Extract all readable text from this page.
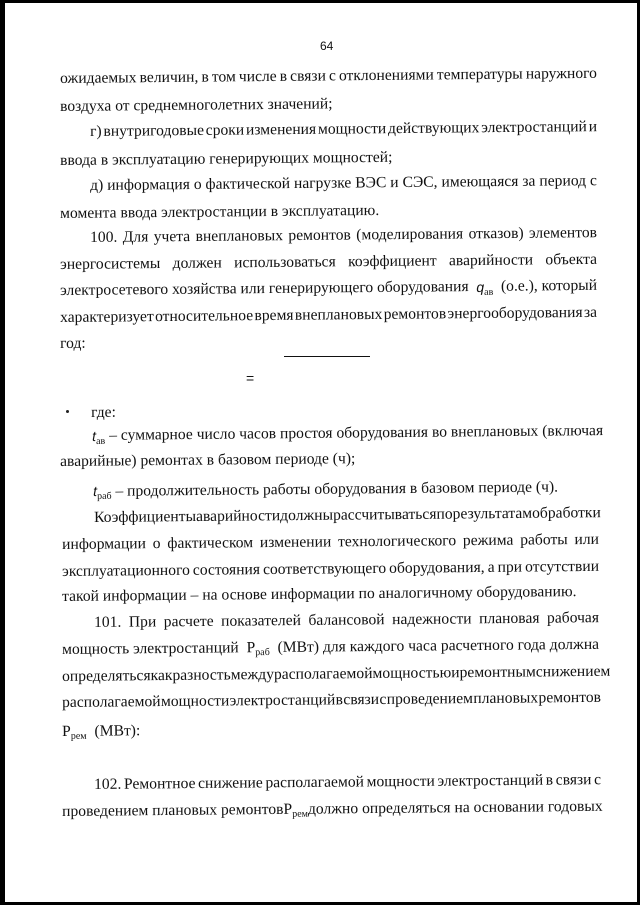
64
ожидаемых величин, в том числе в связи с отклонениями температуры наружного
воздуха от среднемноголетних значений;
г) внутригодовые сроки изменения мощности действующих электростанций и
ввода в эксплуатацию генерирующих мощностей;
д) информация о фактической нагрузке ВЭС и СЭС, имеющаяся за период с
момента ввода электростанции в эксплуатацию.
100. Для учета внеплановых ремонтов (моделирования отказов) элементов
энергосистемы должен использоваться коэффициент аварийности объекта
электросетевого хозяйства или генерирующего оборудования $q_{ав}$ (о.е.), который
характеризует относительное время внеплановых ремонтов энергооборудования за
год:
=
где:
$t_{ав}$ – суммарное число часов простоя оборудования во внеплановых (включая
аварийные) ремонтах в базовом периоде (ч);
$t_{раб}$ – продолжительность работы оборудования в базовом периоде (ч).
Коэффициенты аварийности должны рассчитываться по результатам обработки
информации о фактическом изменении технологического режима работы или
эксплуатационного состояния соответствующего оборудования, а при отсутствии
такой информации – на основе информации по аналогичному оборудованию.
101. При расчете показателей балансовой надежности плановая рабочая
мощность электростанций $P_{раб}$ (МВт) для каждого часа расчетного года должна
определяться как разность между располагаемой мощностью и ремонтным снижением
располагаемой мощности электростанций в связи с проведением плановых ремонтов
$P_{рем}$ (МВт):
102. Ремонтное снижение располагаемой мощности электростанций в связи с
проведением плановых ремонтов $P_{рем}$ должно определяться на основании годовых
